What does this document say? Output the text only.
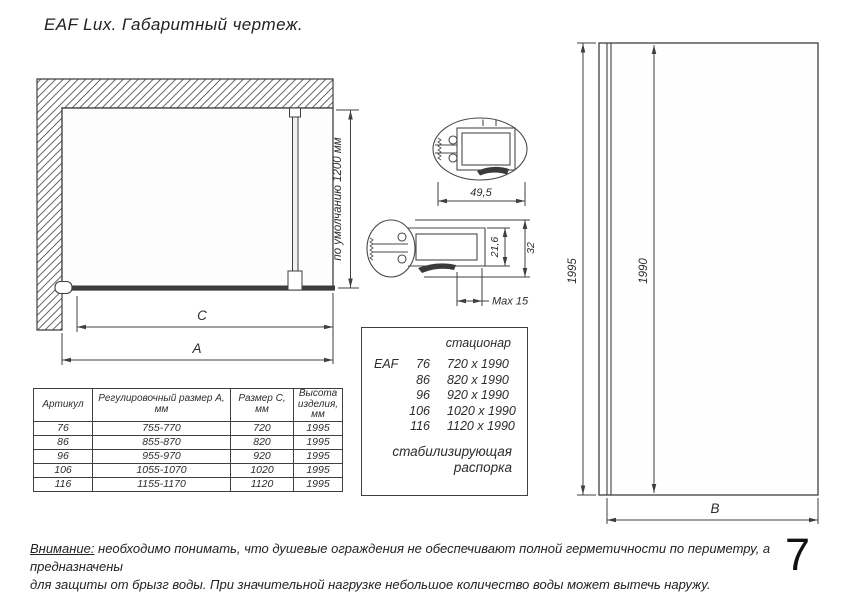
EAF Lux. Габаритный чертеж.
по умолчанию 1200 мм
C
A
49,5
21,6 32
Max 15
1995	1990
B
стационар
EAF	76	720 x 1990
86	820 x 1990
96	920 x 1990
106	1020 x 1990
116	1120 x 1990
стабилизирующая
распорка
Артикул	Регулировочный размер А, мм	Размер С, мм	Высота изделия, мм
76	755-770	720	1995
86	855-870	820	1995
96	955-970	920	1995
106	1055-1070	1020	1995
116	1155-1170	1120	1995
Внимание: необходимо понимать, что душевые ограждения не обеспечивают полной герметичности по периметру, а предназначены
для защиты от брызг воды. При значительной нагрузке небольшое количество воды может вытечь наружу.
7
